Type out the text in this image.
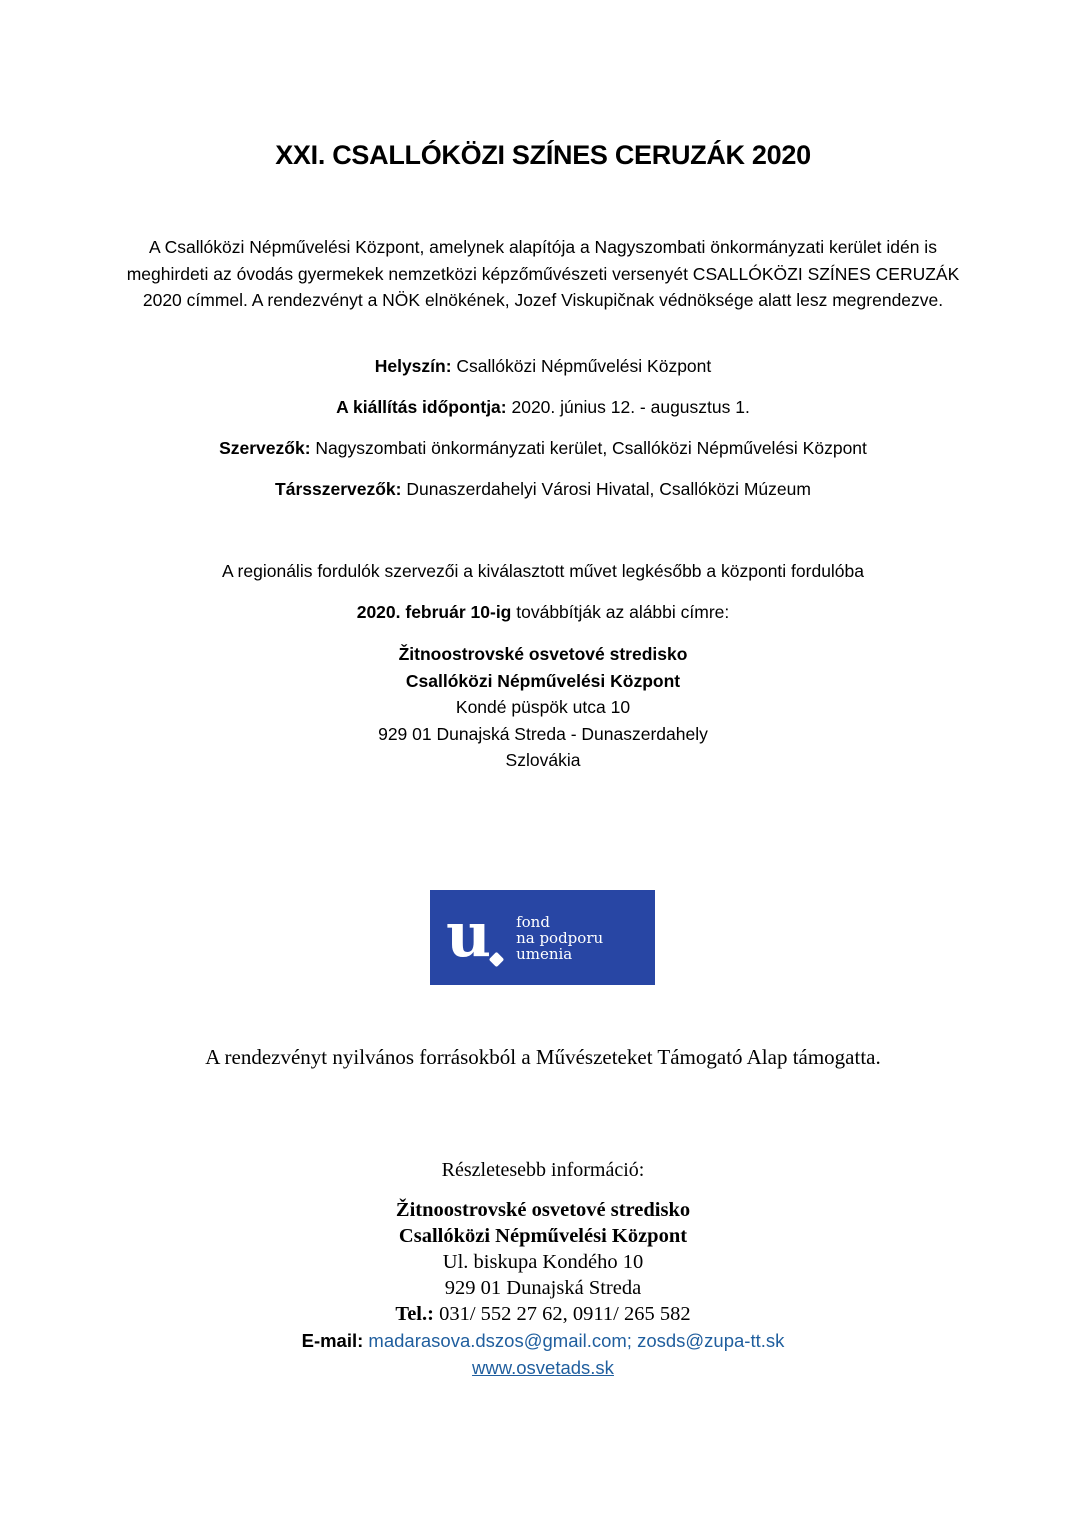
XXI. CSALLÓKÖZI SZÍNES CERUZÁK 2020
A Csallóközi Népművelési Központ, amelynek alapítója a Nagyszombati önkormányzati kerület idén is meghirdeti az óvodás gyermekek nemzetközi képzőművészeti versenyét CSALLÓKÖZI SZÍNES CERUZÁK 2020 címmel. A rendezvényt a NÖK elnökének, Jozef Viskupičnak védnöksége alatt lesz megrendezve.
Helyszín: Csallóközi Népművelési Központ
A kiállítás időpontja: 2020. június 12. - augusztus 1.
Szervezők: Nagyszombati önkormányzati kerület, Csallóközi Népművelési Központ
Társszervezők: Dunaszerdahelyi Városi Hivatal, Csallóközi Múzeum
A regionális fordulók szervezői a kiválasztott művet legkésőbb a központi fordulóba
2020. február 10-ig továbbítják az alábbi címre:
Žitnoostrovské osvetové stredisko
Csallóközi Népművelési Központ
Kondé püspök utca 10
929 01 Dunajská Streda - Dunaszerdahely
Szlovákia
u fond
na podporu
umenia
A rendezvényt nyilvános forrásokból a Művészeteket Támogató Alap támogatta.
Részletesebb információ:
Žitnoostrovské osvetové stredisko
Csallóközi Népművelési Központ
Ul. biskupa Kondého 10
929 01 Dunajská Streda
Tel.: 031/ 552 27 62, 0911/ 265 582
E-mail: madarasova.dszos@gmail.com; zosds@zupa-tt.sk
www.osvetads.sk
